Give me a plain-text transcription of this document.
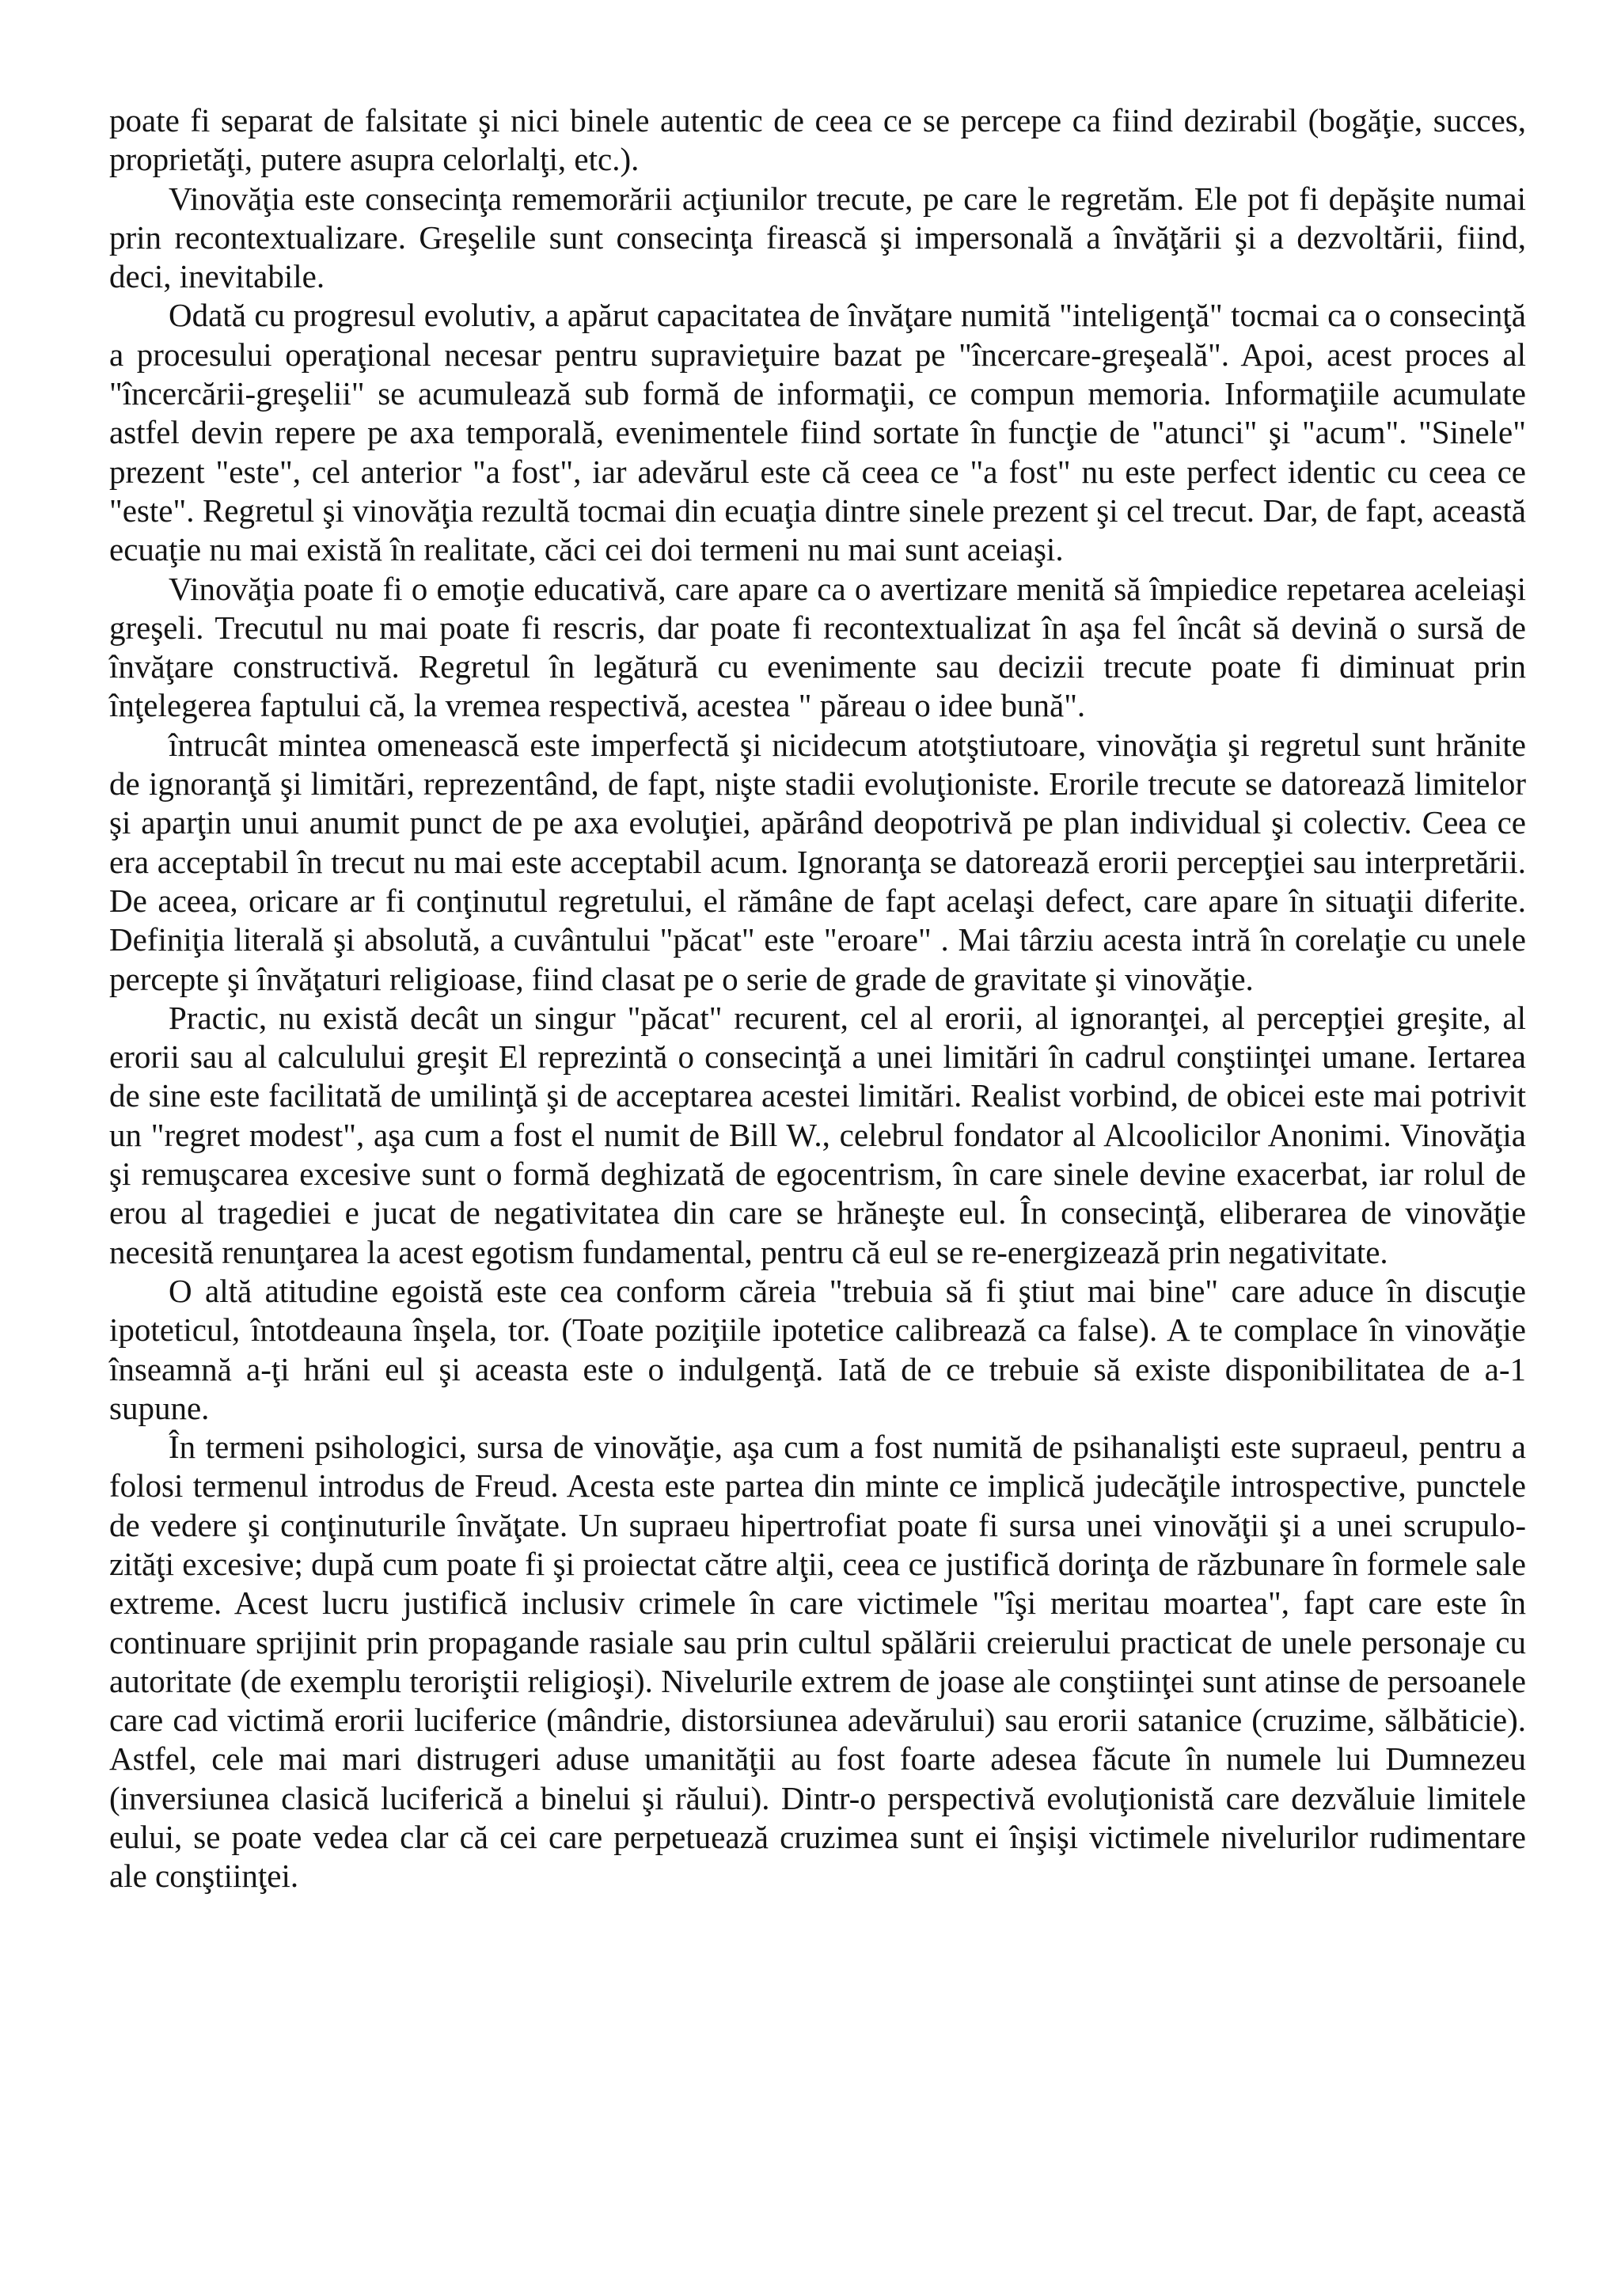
poate fi separat de falsitate şi nici binele autentic de ceea ce se percepe ca fiind dezirabil (bogăţie, succes, proprietăţi, putere asupra celorlalţi, etc.).

Vinovăţia este consecinţa rememorării acţiunilor trecute, pe care le regretăm. Ele pot fi depăşite numai prin recontextualizare. Greşelile sunt consecinţa firească şi impersonală a învăţării şi a dezvoltării, fiind, deci, inevitabile.

Odată cu progresul evolutiv, a apărut capacitatea de învăţare numită "inteligenţă" tocmai ca o consecinţă a procesului operaţional necesar pentru supravieţuire bazat pe "încercare-greşeală". Apoi, acest proces al "încercării-greşelii" se acumulează sub formă de informaţii, ce compun memoria. Informaţiile acumulate astfel devin repere pe axa temporală, evenimentele fiind sortate în funcţie de "atunci" şi "acum". "Sinele" prezent "este", cel anterior "a fost", iar adevărul este că ceea ce "a fost" nu este perfect identic cu ceea ce "este". Regretul şi vinovăţia rezultă tocmai din ecuaţia dintre sinele prezent şi cel trecut. Dar, de fapt, această ecuaţie nu mai există în realitate, căci cei doi termeni nu mai sunt aceiaşi.

Vinovăţia poate fi o emoţie educativă, care apare ca o avertizare menită să împiedice repetarea aceleiaşi greşeli. Trecutul nu mai poate fi rescris, dar poate fi recontextualizat în aşa fel încât să devină o sursă de învăţare constructivă. Regretul în legătură cu evenimente sau decizii trecute poate fi diminuat prin înţelegerea faptului că, la vremea respectivă, acestea " păreau o idee bună".

întrucât mintea omenească este imperfectă şi nicidecum atotştiutoare, vinovăţia şi regretul sunt hrănite de ignoranţă şi limitări, reprezentând, de fapt, nişte stadii evoluţioniste. Erorile trecute se datorează limitelor şi aparţin unui anumit punct de pe axa evoluţiei, apărând deopotrivă pe plan individual şi colectiv. Ceea ce era acceptabil în trecut nu mai este acceptabil acum. Ignoranţa se datorează erorii percepţiei sau interpretării. De aceea, oricare ar fi conţinutul regretului, el rămâne de fapt acelaşi defect, care apare în situaţii diferite. Definiţia literală şi absolută, a cuvântului "păcat" este "eroare" . Mai târziu acesta intră în corelaţie cu unele percepte şi învăţaturi religioase, fiind clasat pe o serie de grade de gravitate şi vinovăţie.

Practic, nu există decât un singur "păcat" recurent, cel al erorii, al ignoranţei, al percepţiei greşite, al erorii sau al calculului greşit El reprezintă o consecinţă a unei limitări în cadrul conştiinţei umane. Iertarea de sine este facilitată de umilinţă şi de acceptarea acestei limitări. Realist vorbind, de obicei este mai potrivit un "regret modest", aşa cum a fost el numit de Bill W., celebrul fondator al Alcoolicilor Anonimi. Vinovăţia şi remuşcarea excesive sunt o formă deghizată de egocentrism, în care sinele devine exacerbat, iar rolul de erou al tragediei e jucat de negativitatea din care se hrăneşte eul. În consecinţă, eliberarea de vinovăţie necesită renunţarea la acest egotism fundamental, pentru că eul se re-energizează prin negativitate.

O altă atitudine egoistă este cea conform căreia "trebuia să fi ştiut mai bine" care aduce în discuţie ipoteticul, întotdeauna înşela, tor. (Toate poziţiile ipotetice calibrează ca false). A te complace în vinovăţie înseamnă a-ţi hrăni eul şi aceasta este o indulgenţă. Iată de ce trebuie să existe disponibilitatea de a-1 supune.

În termeni psihologici, sursa de vinovăţie, aşa cum a fost numită de psihanalişti este supraeul, pentru a folosi termenul introdus de Freud. Acesta este partea din minte ce implică judecăţile introspective, punctele de vedere şi conţinuturile învăţate. Un supraeu hipertrofiat poate fi sursa unei vinovăţii şi a unei scrupulo- zităţi excesive; după cum poate fi şi proiectat către alţii, ceea ce justifică dorinţa de răzbunare în formele sale extreme. Acest lucru justifică inclusiv crimele în care victimele "îşi meritau moartea", fapt care este în continuare sprijinit prin propagande rasiale sau prin cultul spălării creierului practicat de unele personaje cu autoritate (de exemplu teroriştii religioşi). Nivelurile extrem de joase ale conştiinţei sunt atinse de persoanele care cad victimă erorii luciferice (mândrie, distorsiunea adevărului) sau erorii satanice (cruzime, sălbăticie). Astfel, cele mai mari distrugeri aduse umanităţii au fost foarte adesea făcute în numele lui Dumnezeu (inversiunea clasică luciferică a binelui şi răului). Dintr-o perspectivă evoluţionistă care dezvăluie limitele eului, se poate vedea clar că cei care perpetuează cruzimea sunt ei înşişi victimele nivelurilor rudimentare ale conştiinţei.
